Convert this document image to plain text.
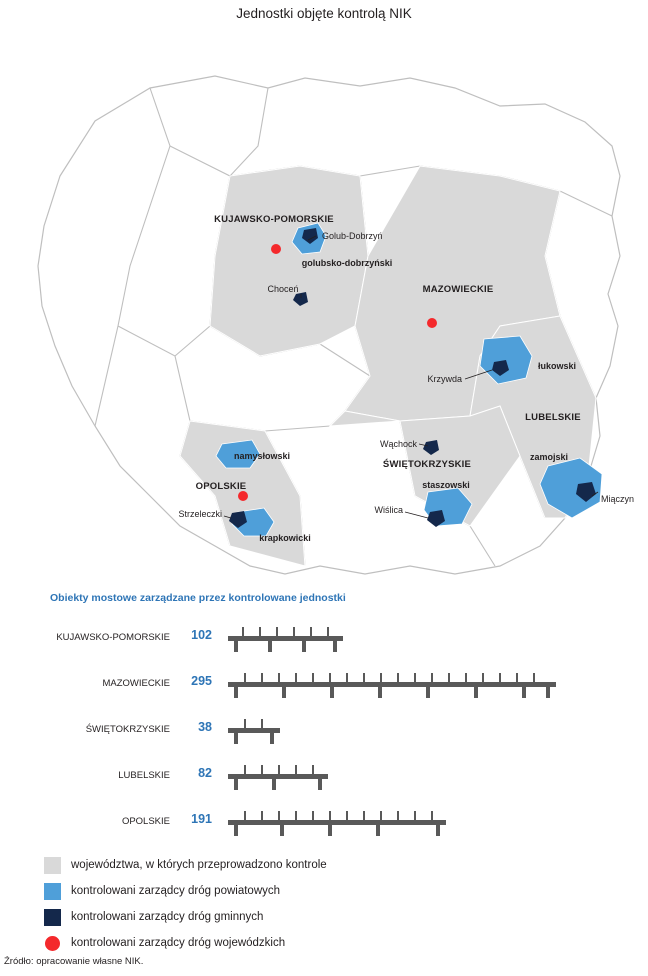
Jednostki objęte kontrolą NIK
KUJAWSKO-POMORSKIE
MAZOWIECKIE
LUBELSKIE
ŚWIĘTOKRZYSKIE
OPOLSKIE
golubsko-dobrzyński
łukowski
zamojski
staszowski
namysłowski
krapkowicki
Golub-Dobrzyń
Choceń
Krzywda
Wąchock
Miączyn
Wiślica
Strzeleczki
Obiekty mostowe zarządzane przez kontrolowane jednostki
KUJAWSKO-POMORSKIE	102
MAZOWIECKIE	295
ŚWIĘTOKRZYSKIE	38
LUBELSKIE	82
OPOLSKIE	191
województwa, w których przeprowadzono kontrole
kontrolowani zarządcy dróg powiatowych
kontrolowani zarządcy dróg gminnych
kontrolowani zarządcy dróg wojewódzkich
Źródło: opracowanie własne NIK.
